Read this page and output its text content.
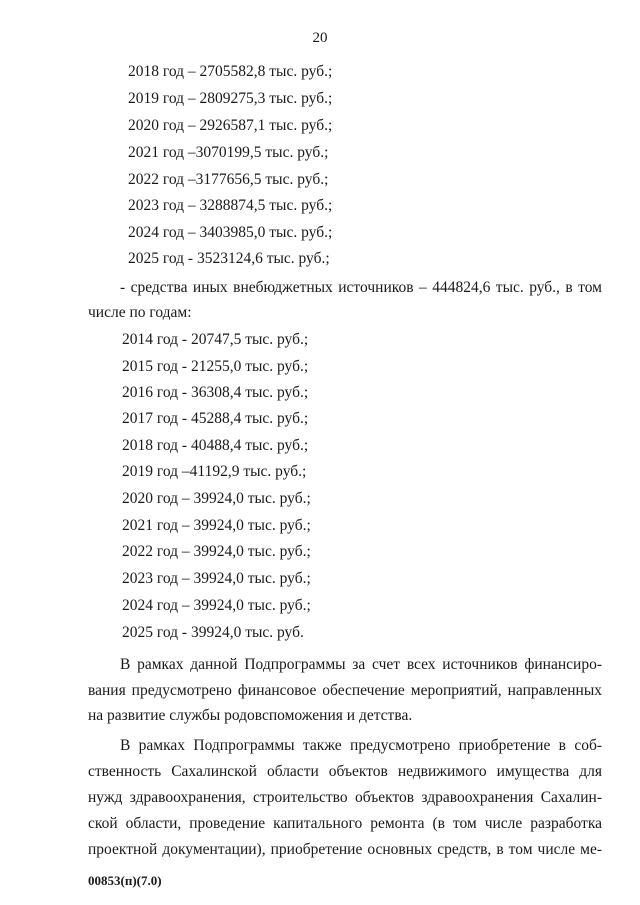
20
2018 год – 2705582,8 тыс. руб.;
2019 год – 2809275,3 тыс. руб.;
2020 год – 2926587,1 тыс. руб.;
2021 год –3070199,5 тыс. руб.;
2022 год –3177656,5 тыс. руб.;
2023 год – 3288874,5 тыс. руб.;
2024 год – 3403985,0 тыс. руб.;
2025 год - 3523124,6 тыс. руб.;
- средства иных внебюджетных источников – 444824,6 тыс. руб., в том
числе по годам:
2014 год - 20747,5 тыс. руб.;
2015 год - 21255,0 тыс. руб.;
2016 год - 36308,4 тыс. руб.;
2017 год - 45288,4 тыс. руб.;
2018 год - 40488,4 тыс. руб.;
2019 год –41192,9 тыс. руб.;
2020 год – 39924,0 тыс. руб.;
2021 год – 39924,0 тыс. руб.;
2022 год – 39924,0 тыс. руб.;
2023 год – 39924,0 тыс. руб.;
2024 год – 39924,0 тыс. руб.;
2025 год - 39924,0 тыс. руб.
В рамках данной Подпрограммы за счет всех источников финансиро-
вания предусмотрено финансовое обеспечение мероприятий, направленных
на развитие службы родовспоможения и детства.
В рамках Подпрограммы также предусмотрено приобретение в соб-
ственность Сахалинской области объектов недвижимого имущества для
нужд здравоохранения, строительство объектов здравоохранения Сахалин-
ской области, проведение капитального ремонта (в том числе разработка
проектной документации), приобретение основных средств, в том числе ме-
00853(п)(7.0)
